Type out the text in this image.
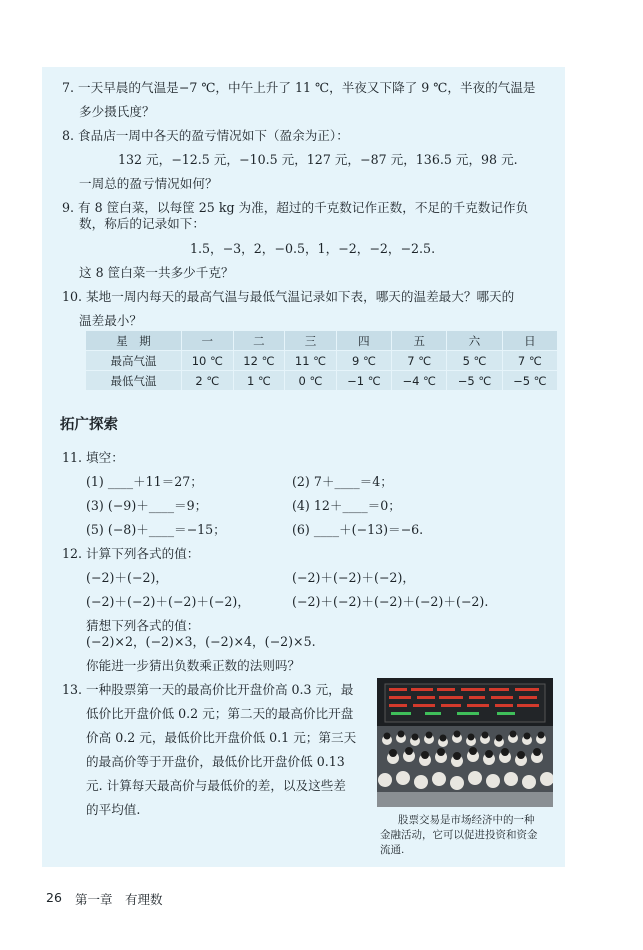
7. 一天早晨的气温是−7 ℃，中午上升了 11 ℃，半夜又下降了 9 ℃，半夜的气温是
多少摄氏度？
8. 食品店一周中各天的盈亏情况如下（盈余为正）：
132 元，−12.5 元，−10.5 元，127 元，−87 元，136.5 元，98 元.
一周总的盈亏情况如何？
9. 有 8 筐白菜，以每筐 25 kg 为准，超过的千克数记作正数，不足的千克数记作负
数，称后的记录如下：
1.5，−3，2，−0.5，1，−2，−2，−2.5.
这 8 筐白菜一共多少千克？
10. 某地一周内每天的最高气温与最低气温记录如下表，哪天的温差最大？哪天的
温差最小？
星　期	一	二	三	四	五	六	日
最高气温	10 ℃	12 ℃	11 ℃	9 ℃	7 ℃	5 ℃	7 ℃
最低气温	2 ℃	1 ℃	0 ℃	−1 ℃	−4 ℃	−5 ℃	−5 ℃
拓广探索
11. 填空：
(1) ____＋11＝27；	(2) 7＋____＝4；
(3) (−9)＋____＝9；	(4) 12＋____＝0；
(5) (−8)＋____＝−15；	(6) ____＋(−13)＝−6.
12. 计算下列各式的值：
(−2)＋(−2)，	(−2)＋(−2)＋(−2)，
(−2)＋(−2)＋(−2)＋(−2)，	(−2)＋(−2)＋(−2)＋(−2)＋(−2).
猜想下列各式的值：
(−2)×2，(−2)×3，(−2)×4，(−2)×5.
你能进一步猜出负数乘正数的法则吗？
13. 一种股票第一天的最高价比开盘价高 0.3 元，最
低价比开盘价低 0.2 元；第二天的最高价比开盘
价高 0.2 元，最低价比开盘价低 0.1 元；第三天
的最高价等于开盘价，最低价比开盘价低 0.13
元. 计算每天最高价与最低价的差，以及这些差
的平均值.
股票交易是市场经济中的一种
金融活动，它可以促进投资和资金
流通.
26 第一章　有理数
